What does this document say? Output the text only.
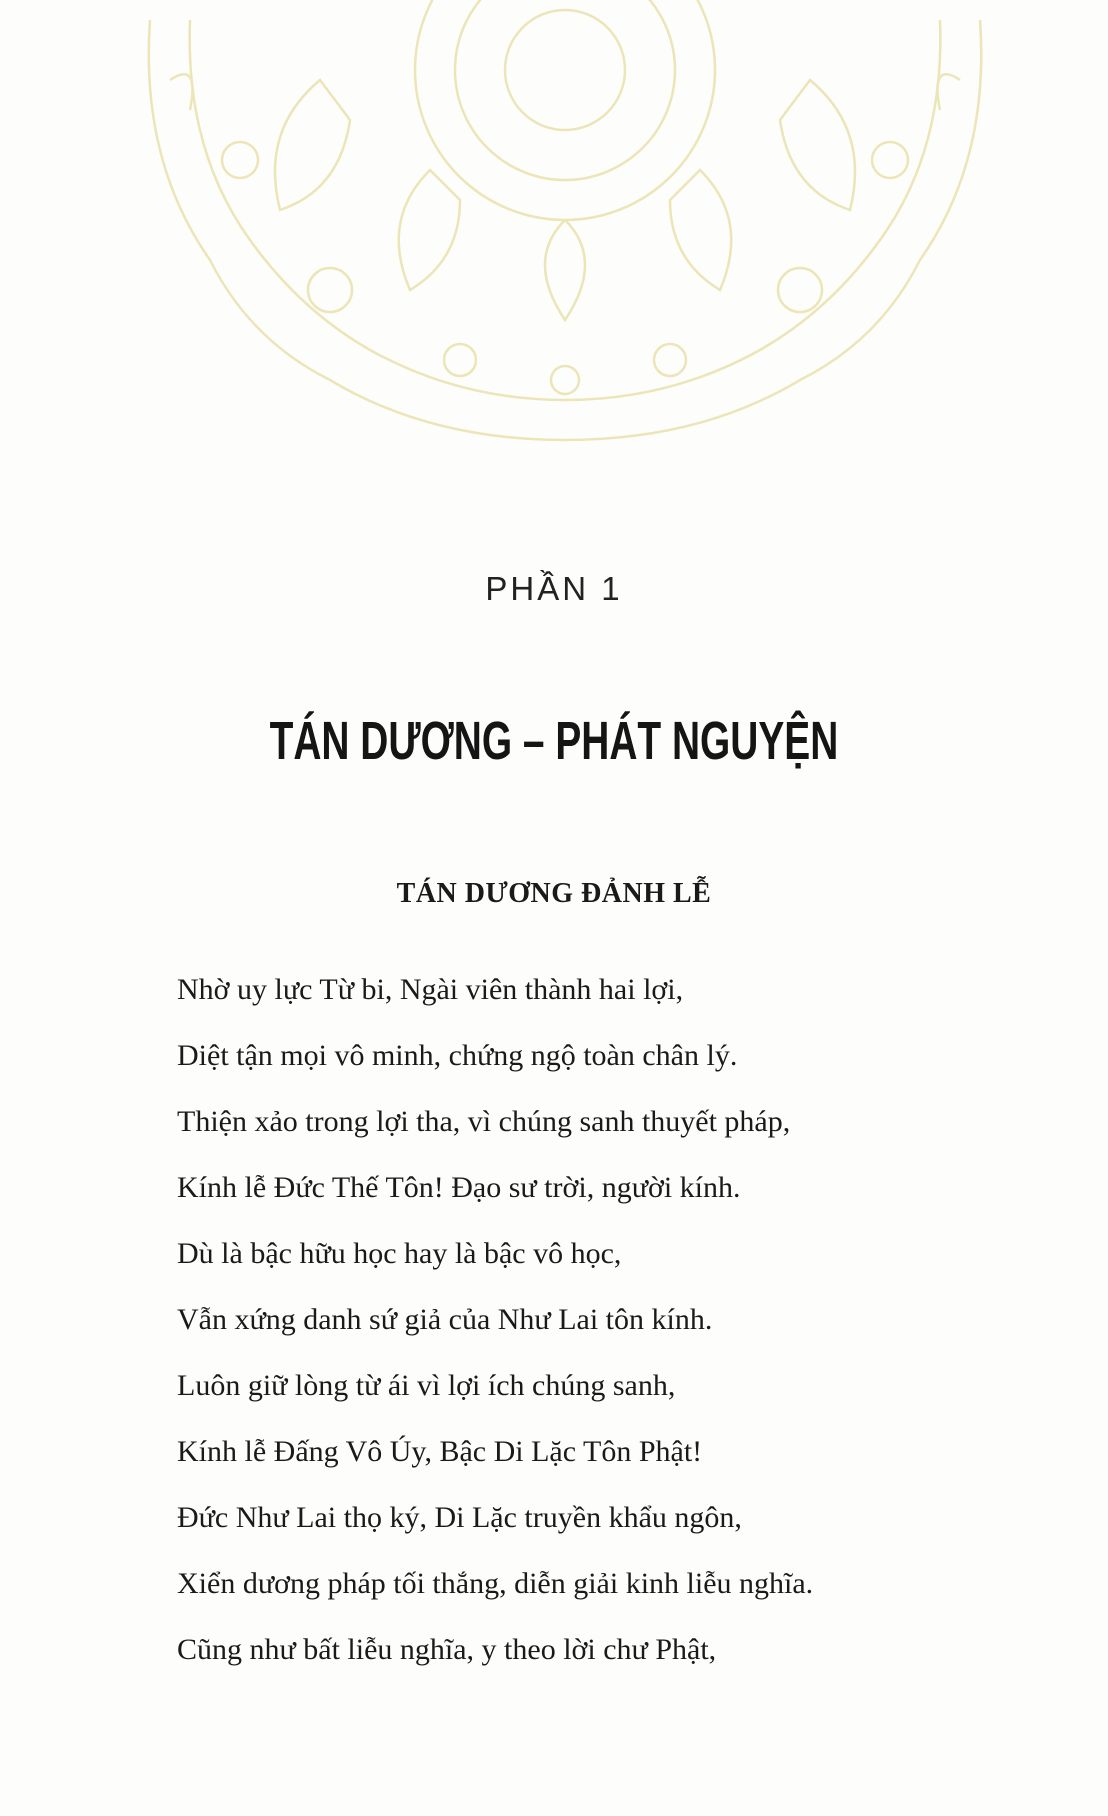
PHẦN 1
TÁN DƯƠNG – PHÁT NGUYỆN
TÁN DƯƠNG ĐẢNH LỄ
Nhờ uy lực Từ bi, Ngài viên thành hai lợi,
Diệt tận mọi vô minh, chứng ngộ toàn chân lý.
Thiện xảo trong lợi tha, vì chúng sanh thuyết pháp,
Kính lễ Đức Thế Tôn! Đạo sư trời, người kính.
Dù là bậc hữu học hay là bậc vô học,
Vẫn xứng danh sứ giả của Như Lai tôn kính.
Luôn giữ lòng từ ái vì lợi ích chúng sanh,
Kính lễ Đấng Vô Úy, Bậc Di Lặc Tôn Phật!
Đức Như Lai thọ ký, Di Lặc truyền khẩu ngôn,
Xiển dương pháp tối thắng, diễn giải kinh liễu nghĩa.
Cũng như bất liễu nghĩa, y theo lời chư Phật,
